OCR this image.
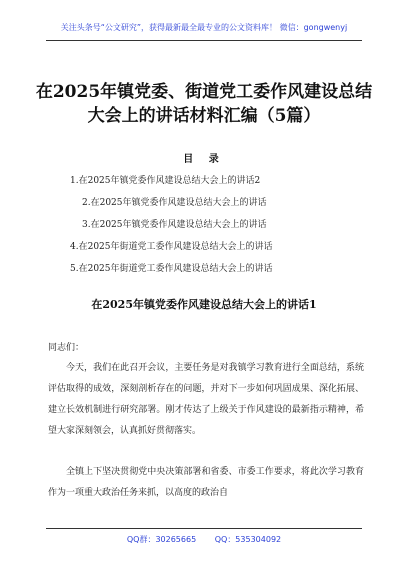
关注头条号“公文研究”，获得最新最全最专业的公文资料库！ 微信：gongwenyj
在2025年镇党委、街道党工委作风建设总结大会上的讲话材料汇编（5篇）
目 录
1.在2025年镇党委作风建设总结大会上的讲话2
2.在2025年镇党委作风建设总结大会上的讲话
3.在2025年镇党委作风建设总结大会上的讲话
4.在2025年街道党工委作风建设总结大会上的讲话
5.在2025年街道党工委作风建设总结大会上的讲话
在2025年镇党委作风建设总结大会上的讲话1
同志们：
今天，我们在此召开会议，主要任务是对我镇学习教育进行全面总结，系统评估取得的成效，深刻剖析存在的问题，并对下一步如何巩固成果、深化拓展、建立长效机制进行研究部署。刚才传达了上级关于作风建设的最新指示精神，希望大家深刻领会，认真抓好贯彻落实。
全镇上下坚决贯彻党中央决策部署和省委、市委工作要求，将此次学习教育作为一项重大政治任务来抓，以高度的政治自
QQ群：30265665 QQ：535304092
